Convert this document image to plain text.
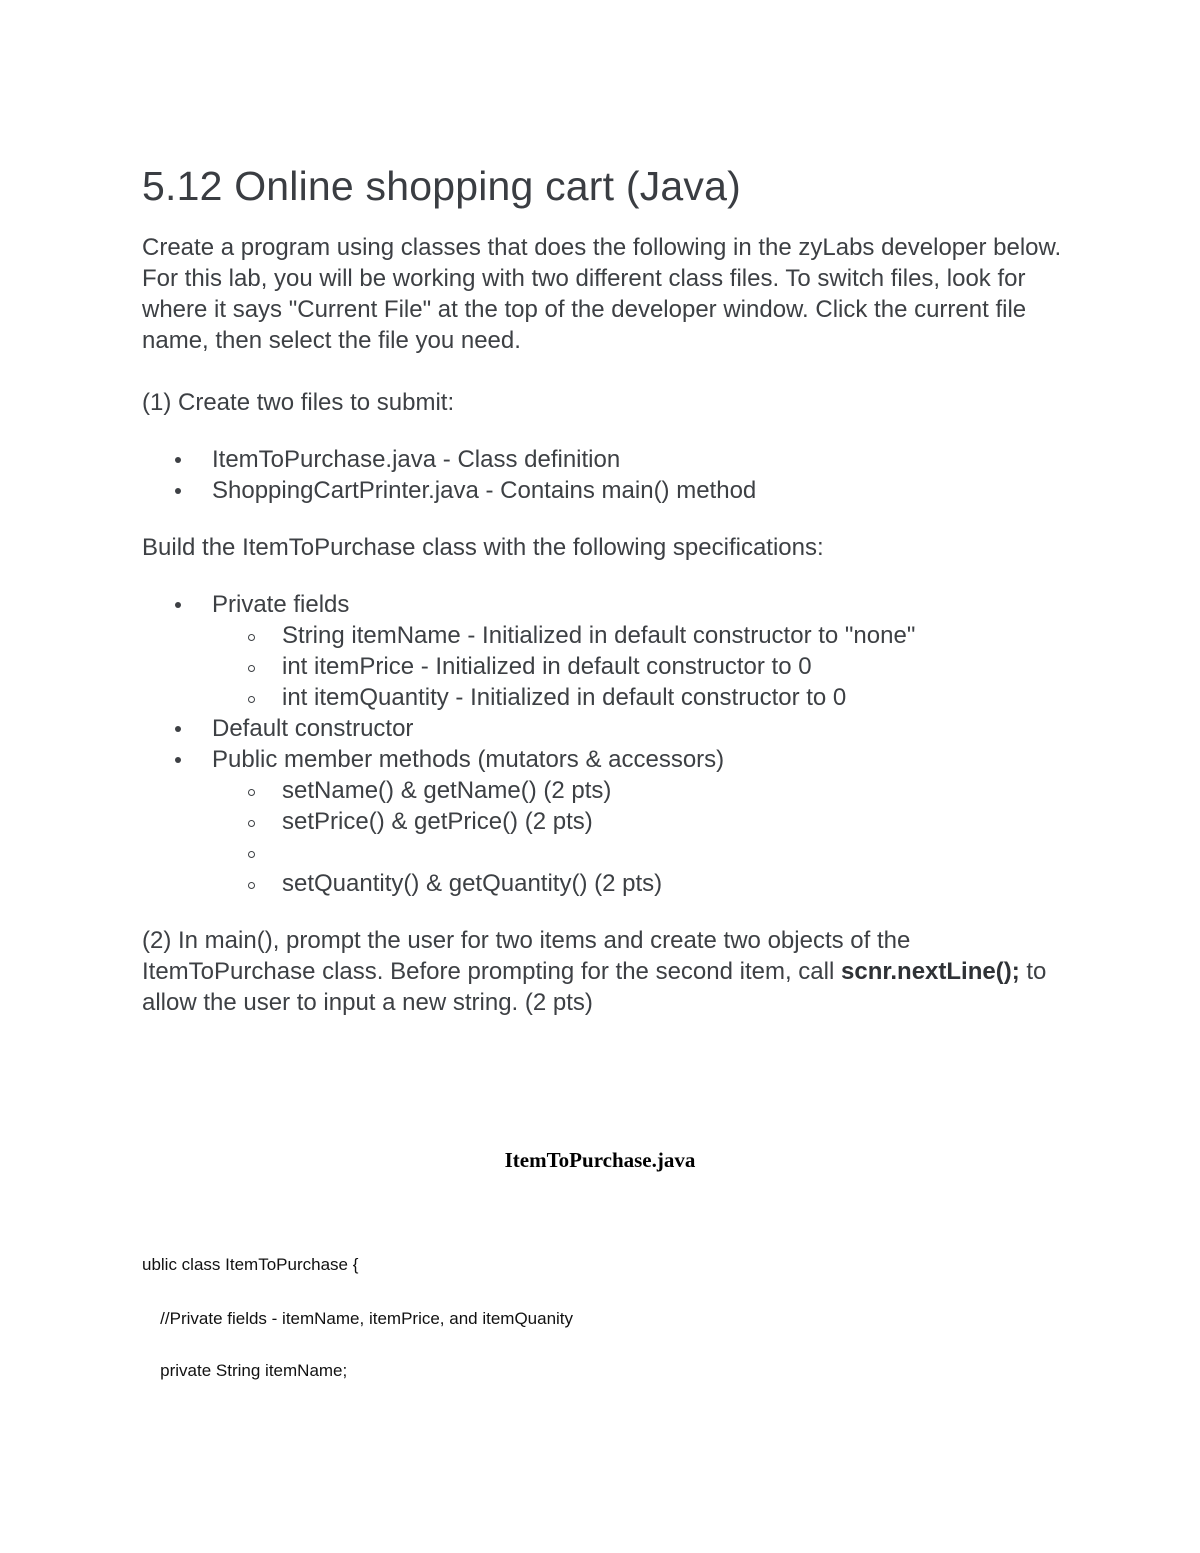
5.12 Online shopping cart (Java)

Create a program using classes that does the following in the zyLabs developer below. For this lab, you will be working with two different class files. To switch files, look for where it says "Current File" at the top of the developer window. Click the current file name, then select the file you need.

(1) Create two files to submit:

ItemToPurchase.java - Class definition
ShoppingCartPrinter.java - Contains main() method

Build the ItemToPurchase class with the following specifications:

Private fields
String itemName - Initialized in default constructor to "none"
int itemPrice - Initialized in default constructor to 0
int itemQuantity - Initialized in default constructor to 0
Default constructor
Public member methods (mutators & accessors)
setName() & getName() (2 pts)
setPrice() & getPrice() (2 pts)
setQuantity() & getQuantity() (2 pts)

(2) In main(), prompt the user for two items and create two objects of the ItemToPurchase class. Before prompting for the second item, call scnr.nextLine(); to allow the user to input a new string. (2 pts)

ItemToPurchase.java
ublic class ItemToPurchase {
//Private fields - itemName, itemPrice, and itemQuanity
private String itemName;
